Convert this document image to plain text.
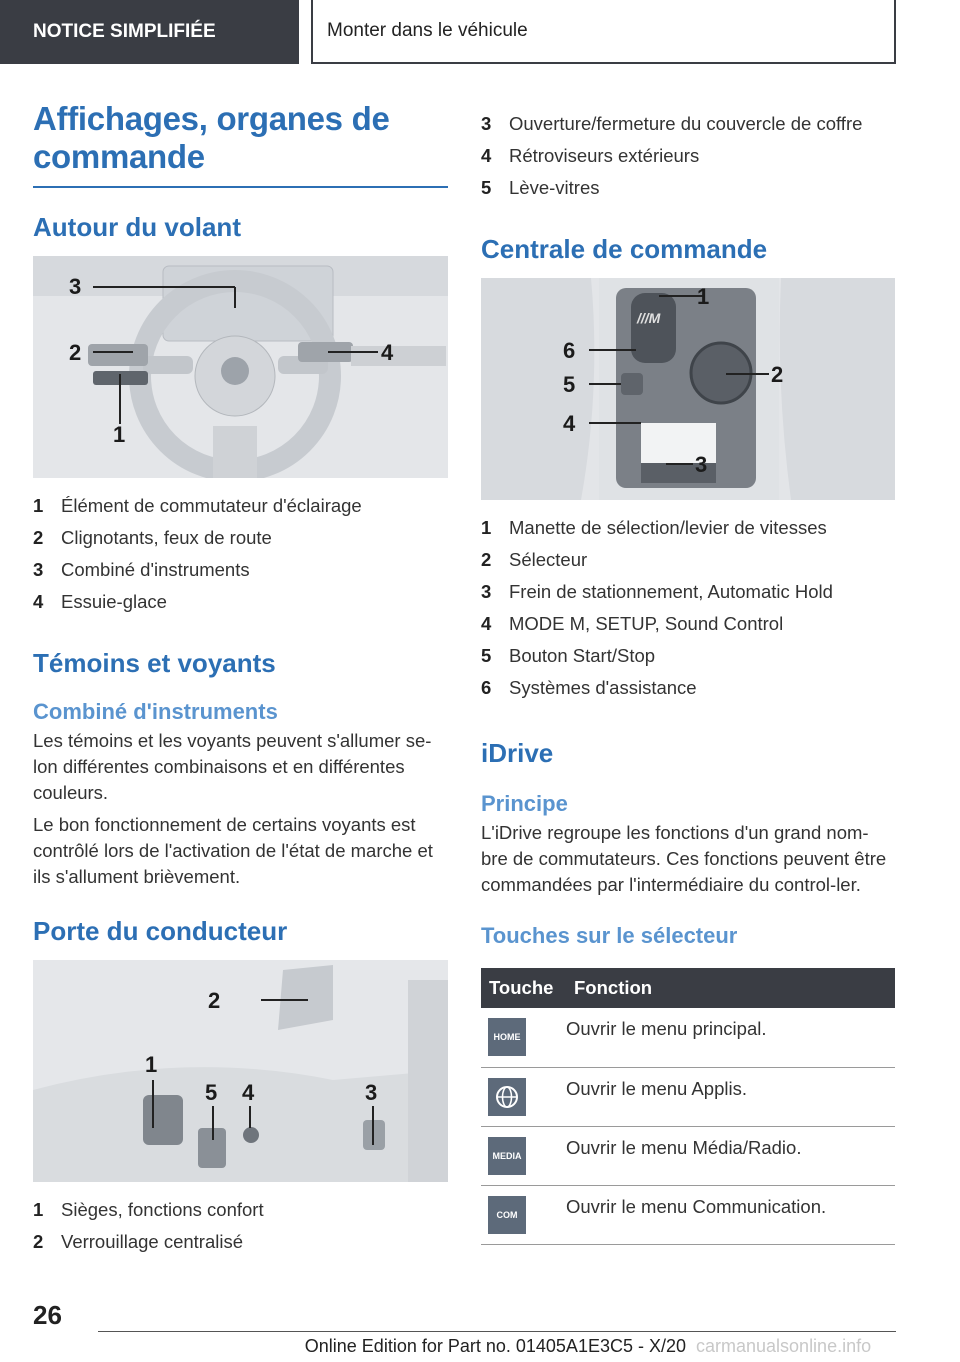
NOTICE SIMPLIFIÉE	Monter dans le véhicule
Affichages, organes de commande
Autour du volant
3
2	4
1
1 Élément de commutateur d'éclairage
2 Clignotants, feux de route
3 Combiné d'instruments
4 Essuie-glace
Témoins et voyants
Combiné d'instruments

Les témoins et les voyants peuvent s'allumer se-lon différentes combinaisons et en différentes couleurs.

Le bon fonctionnement de certains voyants est contrôlé lors de l'activation de l'état de marche et ils s'allument brièvement.

Porte du conducteur
2
1
5 4	3
1 Sièges, fonctions confort
2 Verrouillage centralisé
3 Ouverture/fermeture du couvercle de coffre
4 Rétroviseurs extérieurs
5 Lève-vitres
Centrale de commande
///M
1
2
3
4
5
6
1 Manette de sélection/levier de vitesses
2 Sélecteur
3 Frein de stationnement, Automatic Hold
4 MODE M, SETUP, Sound Control
5 Bouton Start/Stop
6 Systèmes d'assistance
iDrive
Principe

L'iDrive regroupe les fonctions d'un grand nom-bre de commutateurs. Ces fonctions peuvent être commandées par l'intermédiaire du control-ler.

Touches sur le sélecteur
Touche	Fonction

HOME	Ouvrir le menu principal.

	Ouvrir le menu Applis.

MEDIA	Ouvrir le menu Média/Radio.

COM	Ouvrir le menu Communication.
26
Online Edition for Part no. 01405A1E3C5 - X/20 carmanualsonline.info
